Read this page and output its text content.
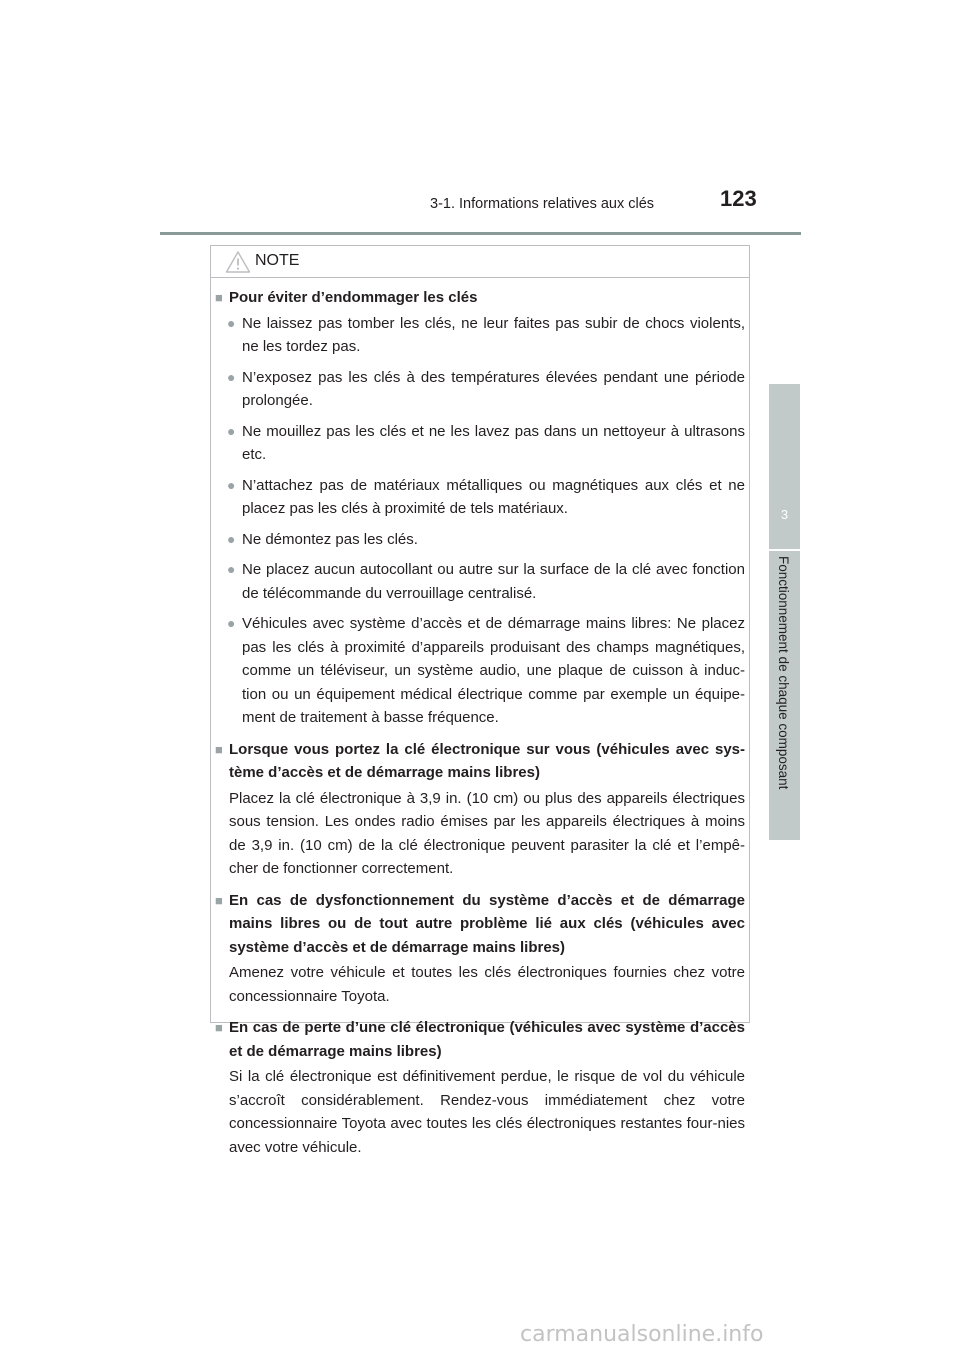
3-1. Informations relatives aux clés	123
3
Fonctionnement de chaque composant
NOTE
■ Pour éviter d’endommager les clés
● Ne laissez pas tomber les clés, ne leur faites pas subir de chocs violents, ne les tordez pas.
● N’exposez pas les clés à des températures élevées pendant une période prolongée.
● Ne mouillez pas les clés et ne les lavez pas dans un nettoyeur à ultrasons etc.
● N’attachez pas de matériaux métalliques ou magnétiques aux clés et ne placez pas les clés à proximité de tels matériaux.
● Ne démontez pas les clés.
● Ne placez aucun autocollant ou autre sur la surface de la clé avec fonction de télécommande du verrouillage centralisé.
● Véhicules avec système d’accès et de démarrage mains libres: Ne placez pas les clés à proximité d’appareils produisant des champs magnétiques, comme un téléviseur, un système audio, une plaque de cuisson à induc-tion ou un équipement médical électrique comme par exemple un équipe-ment de traitement à basse fréquence.
■ Lorsque vous portez la clé électronique sur vous (véhicules avec sys-tème d’accès et de démarrage mains libres)
Placez la clé électronique à 3,9 in. (10 cm) ou plus des appareils électriques sous tension. Les ondes radio émises par les appareils électriques à moins de 3,9 in. (10 cm) de la clé électronique peuvent parasiter la clé et l’empê-cher de fonctionner correctement.
■ En cas de dysfonctionnement du système d’accès et de démarrage mains libres ou de tout autre problème lié aux clés (véhicules avec système d’accès et de démarrage mains libres)
Amenez votre véhicule et toutes les clés électroniques fournies chez votre concessionnaire Toyota.
■ En cas de perte d’une clé électronique (véhicules avec système d’accès et de démarrage mains libres)
Si la clé électronique est définitivement perdue, le risque de vol du véhicule s’accroît considérablement. Rendez-vous immédiatement chez votre concessionnaire Toyota avec toutes les clés électroniques restantes four-nies avec votre véhicule.
carmanualsonline.info
